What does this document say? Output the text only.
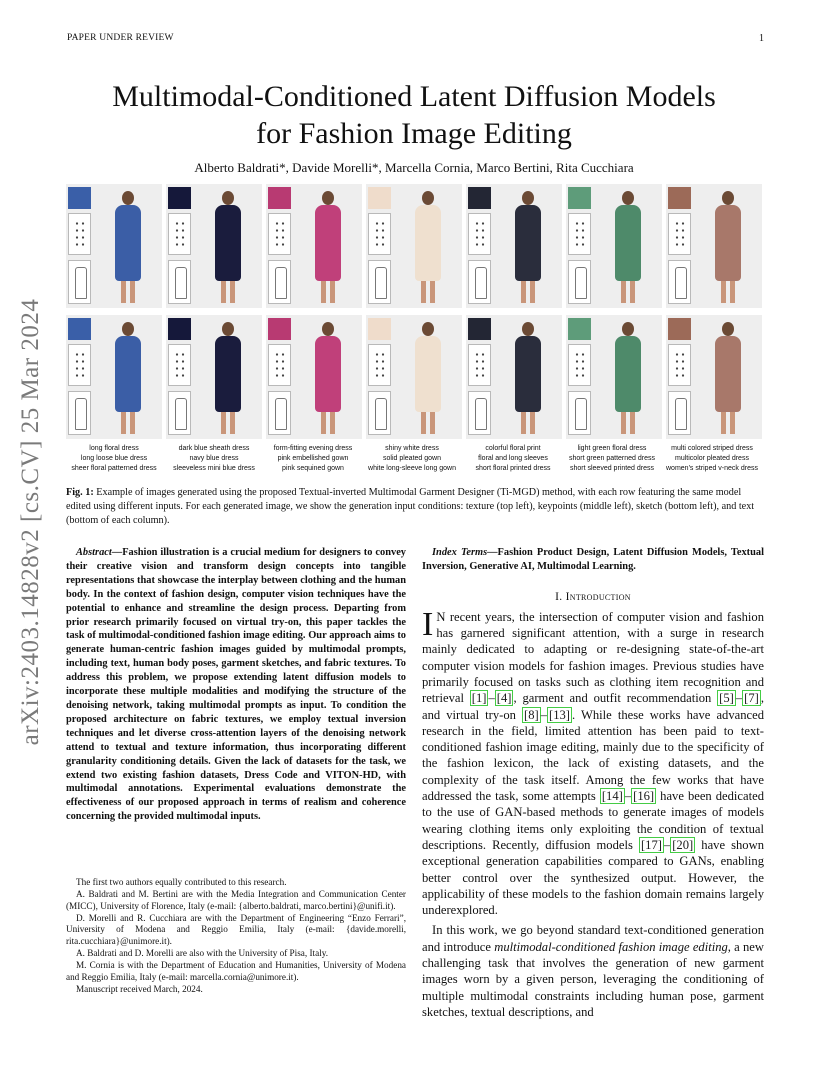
PAPER UNDER REVIEW	1
arXiv:2403.14828v2 [cs.CV] 25 Mar 2024
Multimodal-Conditioned Latent Diffusion Models
for Fashion Image Editing
Alberto Baldrati*, Davide Morelli*, Marcella Cornia, Marco Bertini, Rita Cucchiara
long floral dress
long loose blue dress
sheer floral patterned dress
dark blue sheath dress
navy blue dress
sleeveless mini blue dress
form-fitting evening dress
pink embellished gown
pink sequined gown
shiny white dress
solid pleated gown
white long-sleeve long gown
colorful floral print
floral and long sleeves
short floral printed dress
light green floral dress
short green patterned dress
short sleeved printed dress
multi colored striped dress
multicolor pleated dress
women's striped v-neck dress
Fig. 1: Example of images generated using the proposed Textual-inverted Multimodal Garment Designer (Ti-MGD) method, with each row featuring the same model edited using different inputs. For each generated image, we show the generation input conditions: texture (top left), keypoints (middle left), sketch (bottom left), and text (bottom of each column).

Abstract—Fashion illustration is a crucial medium for designers to convey their creative vision and transform design concepts into tangible representations that showcase the interplay between clothing and the human body. In the context of fashion design, computer vision techniques have the potential to enhance and streamline the design process. Departing from prior research primarily focused on virtual try-on, this paper tackles the task of multimodal-conditioned fashion image editing. Our approach aims to generate human-centric fashion images guided by multimodal prompts, including text, human body poses, garment sketches, and fabric textures. To address this problem, we propose extending latent diffusion models to incorporate these multiple modalities and modifying the structure of the denoising network, taking multimodal prompts as input. To condition the proposed architecture on fabric textures, we employ textual inversion techniques and let diverse cross-attention layers of the denoising network attend to textual and texture information, thus incorporating different granularity conditioning details. Given the lack of datasets for the task, we extend two existing fashion datasets, Dress Code and VITON-HD, with multimodal annotations. Experimental evaluations demonstrate the effectiveness of our proposed approach in terms of realism and coherence concerning the provided multimodal inputs.

The first two authors equally contributed to this research.

A. Baldrati and M. Bertini are with the Media Integration and Communication Center (MICC), University of Florence, Italy (e-mail: {alberto.baldrati, marco.bertini}@unifi.it).

D. Morelli and R. Cucchiara are with the Department of Engineering “Enzo Ferrari”, University of Modena and Reggio Emilia, Italy (e-mail: {davide.morelli, rita.cucchiara}@unimore.it).

A. Baldrati and D. Morelli are also with the University of Pisa, Italy.

M. Cornia is with the Department of Education and Humanities, University of Modena and Reggio Emilia, Italy (e-mail: marcella.cornia@unimore.it).

Manuscript received March, 2024.

Index Terms—Fashion Product Design, Latent Diffusion Models, Textual Inversion, Generative AI, Multimodal Learning.

I. Introduction

I N recent years, the intersection of computer vision and fashion has garnered significant attention, with a surge in research mainly dedicated to adapting or re-designing state-of-the-art computer vision models for fashion images. Previous studies have primarily focused on tasks such as clothing item recognition and retrieval [1] – [4] , garment and outfit recommendation [5] – [7] , and virtual try-on [8] – [13] . While these works have advanced research in the field, limited attention has been paid to text-conditioned fashion image editing, mainly due to the specificity of the fashion lexicon, the lack of existing datasets, and the complexity of the task itself. Among the few works that have addressed the task, some attempts [14] – [16] have been dedicated to the use of GAN-based methods to generate images of models wearing clothing items only exploiting the condition of textual descriptions. Recently, diffusion models [17] – [20] have shown exceptional generation capabilities compared to GANs, enabling better control over the synthesized output. However, the applicability of these models to the fashion domain remains largely underexplored.

In this work, we go beyond standard text-conditioned generation and introduce multimodal-conditioned fashion image editing, a new challenging task that involves the generation of new garment images worn by a given person, leveraging the conditioning of multiple multimodal constraints including human pose, garment sketches, textual descriptions, and
